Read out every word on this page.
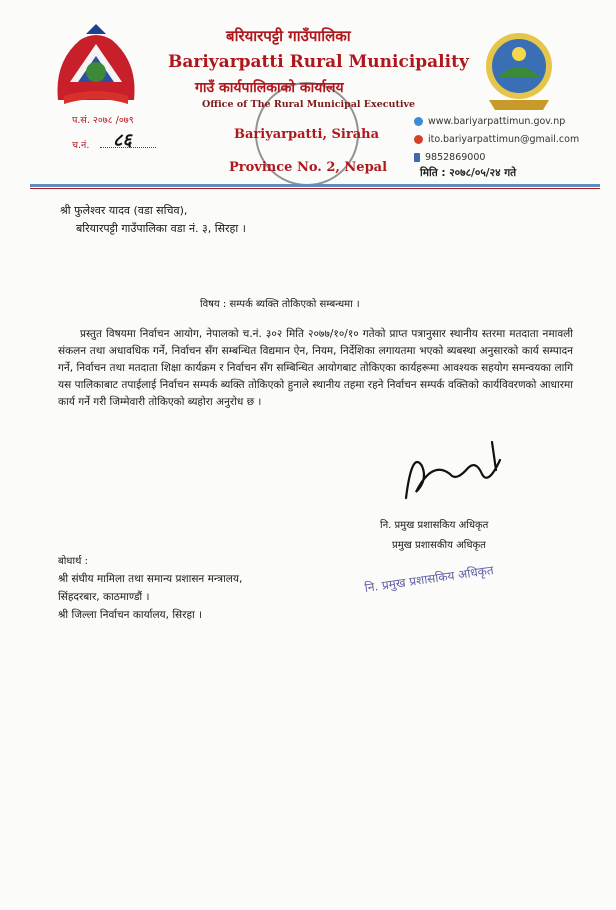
बरियारपट्टी गाउँपालिका
Bariyarpatti Rural Municipality
गाउँ कार्यपालिकाको कार्यालय
Office of The Rural Municipal Executive
Bariyarpatti, Siraha
Province No. 2, Nepal
प.सं. २०७८ /०७९
च.नं. ८६
www.bariyarpattimun.gov.np
ito.bariyarpattimun@gmail.com
9852869000
मिति : २०७८/०५/२४ गते
श्री फुलेश्वर यादव (वडा सचिव),
बरियारपट्टी गाउँपालिका वडा नं. ३, सिरहा ।
विषय : सम्पर्क ब्यक्ति तोकिएको सम्बन्धमा ।
प्रस्तुत विषयमा निर्वाचन आयोग, नेपालको च.नं. ३०२ मिति २०७७/१०/१० गतेको प्राप्त पत्रानुसार स्थानीय स्तरमा मतदाता नमावली संकलन तथा अधावधिक गर्ने, निर्वाचन सँग सम्बन्धित विद्यमान ऐन, नियम, निर्देशिका लगायतमा भएको ब्यबस्था अनुसारको कार्य सम्पादन गर्ने, निर्वाचन तथा मतदाता शिक्षा कार्यक्रम र निर्वाचन सँग सम्बिन्धित आयोगबाट तोकिएका कार्यहरूमा आवश्यक सहयोग समन्वयका लागि यस पालिकाबाट तपाईलाई निर्वाचन सम्पर्क ब्यक्ति तोकिएको हुनाले स्थानीय तहमा रहने निर्वाचन सम्पर्क वक्तिको कार्यविवरणको आधारमा कार्य गर्ने गरी जिम्मेवारी तोकिएको ब्यहोरा अनुरोध छ ।
नि. प्रमुख प्रशासकिय अधिकृत
प्रमुख प्रशासकीय अधिकृत
नि. प्रमुख प्रशासकिय अधिकृत
बोधार्थ :
श्री संघीय मामिला तथा समान्य प्रशासन मन्त्रालय,
सिंहदरबार, काठमाण्डौं ।
श्री जिल्ला निर्वाचन कार्यालय, सिरहा ।
